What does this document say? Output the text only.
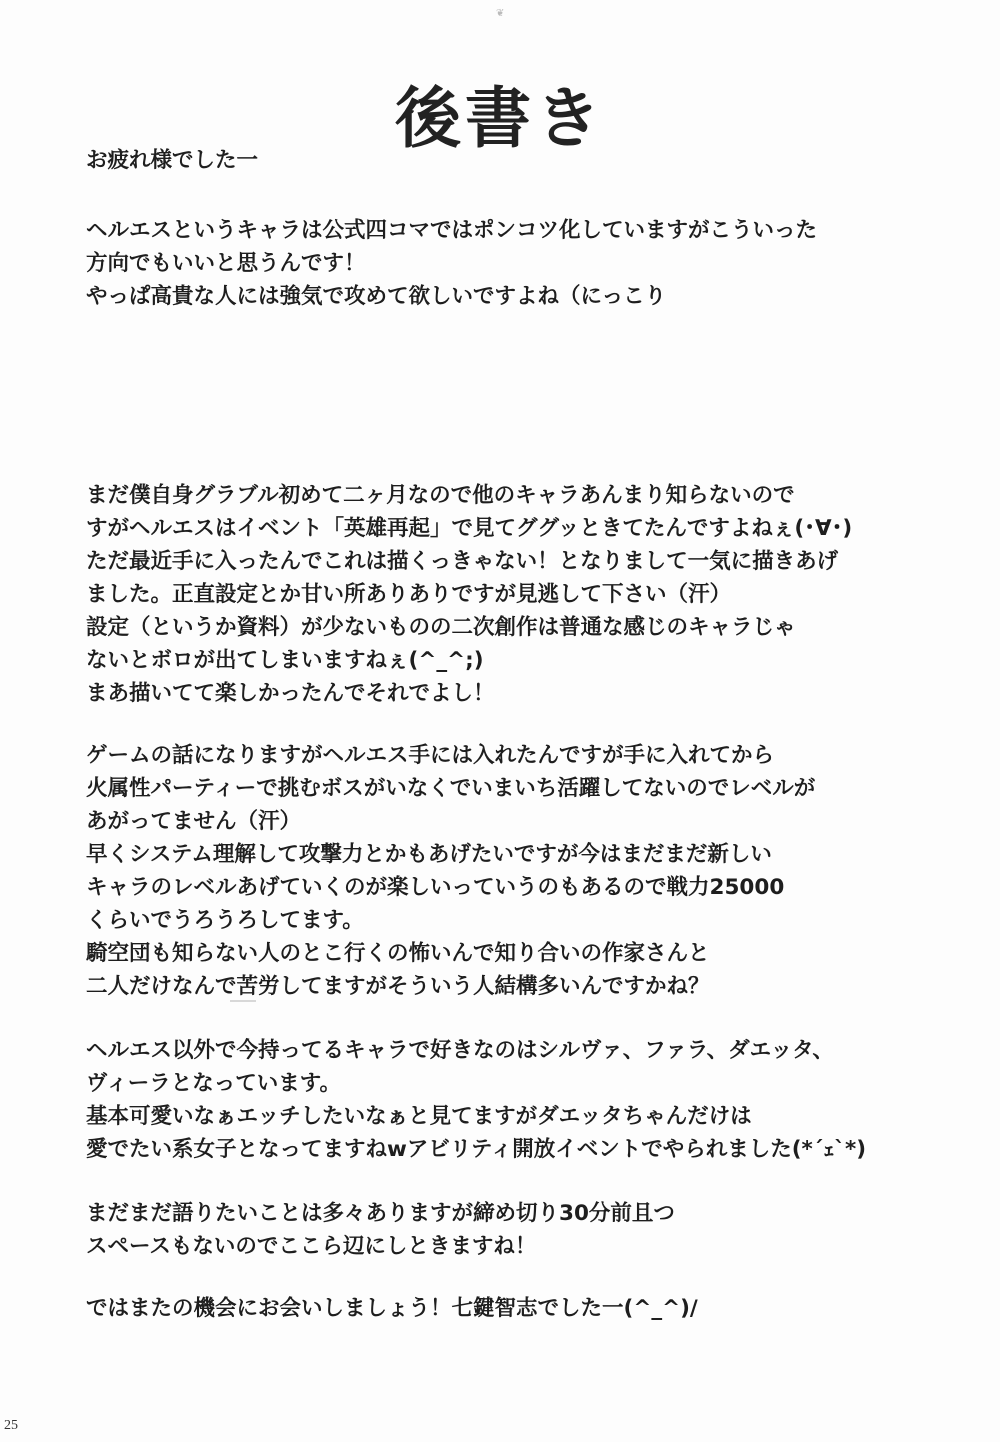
❦
後書き
お疲れ様でした一
ヘルエスというキャラは公式四コマではポンコツ化していますがこういった
方向でもいいと思うんです！
やっぱ高貴な人には強気で攻めて欲しいですよね（にっこり
まだ僕自身グラブル初めて二ヶ月なので他のキャラあんまり知らないので
すがヘルエスはイベント「英雄再起」で見てググッときてたんですよねぇ(･∀･)
ただ最近手に入ったんでこれは描くっきゃない！となりまして一気に描きあげ
ました。正直設定とか甘い所ありありですが見逃して下さい（汗）
設定（というか資料）が少ないものの二次創作は普通な感じのキャラじゃ
ないとボロが出てしまいますねぇ(^_^;)
まあ描いてて楽しかったんでそれでよし！
ゲームの話になりますがヘルエス手には入れたんですが手に入れてから
火属性パーティーで挑むボスがいなくでいまいち活躍してないのでレベルが
あがってません（汗）
早くシステム理解して攻撃力とかもあげたいですが今はまだまだ新しい
キャラのレベルあげていくのが楽しいっていうのもあるので戦力25000
くらいでうろうろしてます。
騎空団も知らない人のとこ行くの怖いんで知り合いの作家さんと
二人だけなんで苦労してますがそういう人結構多いんですかね？
ヘルエス以外で今持ってるキャラで好きなのはシルヴァ、ファラ、ダエッタ、
ヴィーラとなっています。
基本可愛いなぁエッチしたいなぁと見てますがダエッタちゃんだけは
愛でたい系女子となってますねwアビリティ開放イベントでやられました(*´ｪ`*)
まだまだ語りたいことは多々ありますが締め切り30分前且つ
スペースもないのでここら辺にしときますね！
ではまたの機会にお会いしましょう！七鍵智志でした一(^_^)/
25
